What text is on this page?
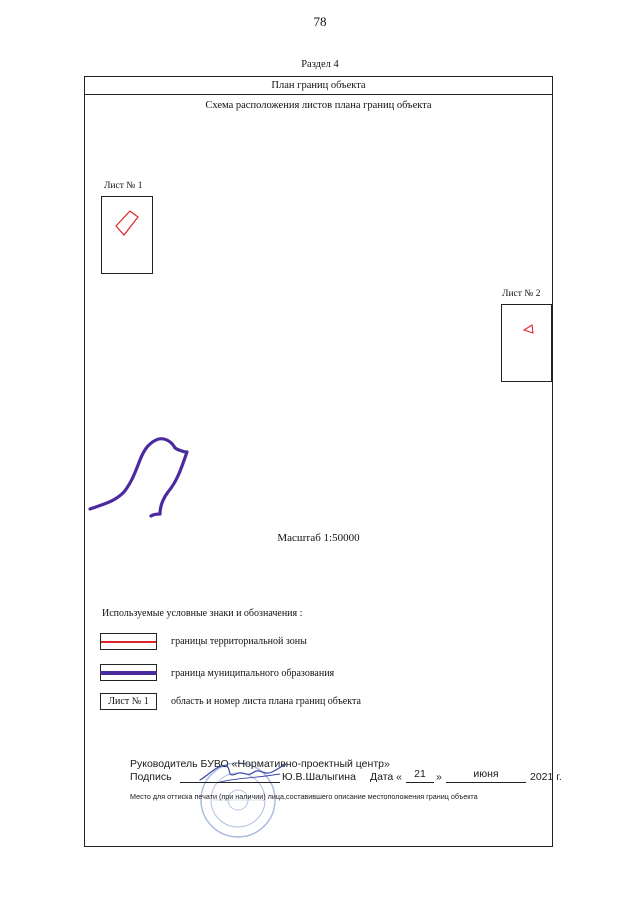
78
Раздел 4
План границ объекта
Схема расположения листов плана границ объекта
Лист № 1
Лист № 2
Масштаб 1:50000
Используемые условные знаки и обозначения :
границы территориальной зоны
граница муниципального образования
Лист № 1	область и номер листа плана границ объекта
Руководитель БУВО «Нормативно-проектный центр»
Подпись	Ю.В.Шалыгина Дата «	21 »	июня	2021 г.
Место для оттиска печати (при наличии) лица,составившего описание местоположения границ объекта
